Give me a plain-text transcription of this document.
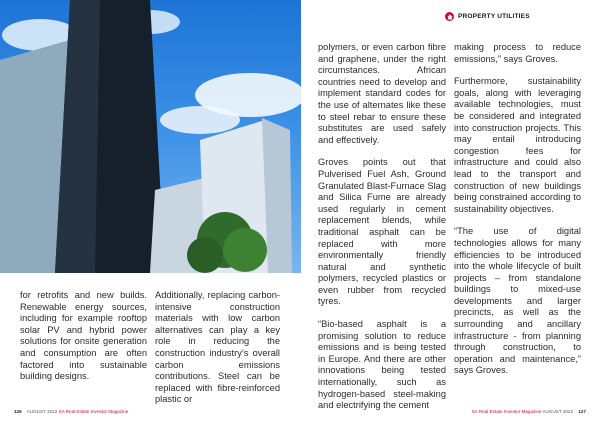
PROPERTY UTILITIES

for retrofits and new builds. Renewable energy sources, including for example rooftop solar PV and hybrid power solutions for onsite generation and consumption are often factored into sustainable building designs.

Additionally, replacing carbon-intensive construction materials with low carbon alternatives can play a key role in reducing the construction industry’s overall carbon emissions contributions. Steel can be replaced with fibre-reinforced plastic or

polymers, or even carbon fibre and graphene, under the right circumstances. African countries need to develop and implement standard codes for the use of alternates like these to steel rebar to ensure these substitutes are used safely and effectively.

Groves points out that Pulverised Fuel Ash, Ground Granulated Blast-Furnace Slag and Silica Fume are already used regularly in cement replacement blends, while traditional asphalt can be replaced with more environmentally friendly natural and synthetic polymers, recycled plastics or even rubber from recycled tyres.

“Bio-based asphalt is a promising solution to reduce emissions and is being tested in Europe. And there are other innovations being tested internationally, such as hydrogen-based steel-making and electrifying the cement

making process to reduce emissions,” says Groves.

Furthermore, sustainability goals, along with leveraging available technologies, must be considered and integrated into construction projects. This may entail introducing congestion fees for infrastructure and could also lead to the transport and construction of new buildings being constrained according to sustainability objectives.

“The use of digital technologies allows for many efficiencies to be introduced into the whole lifecycle of built projects – from standalone buildings to mixed-use developments and larger precincts, as well as the surrounding and ancillary infrastructure - from planning through construction, to operation and maintenance,” says Groves.

126 AUGUST 2022 SA Real Estate Investor Magazine	SA Real Estate Investor Magazine AUGUST 2022 127
